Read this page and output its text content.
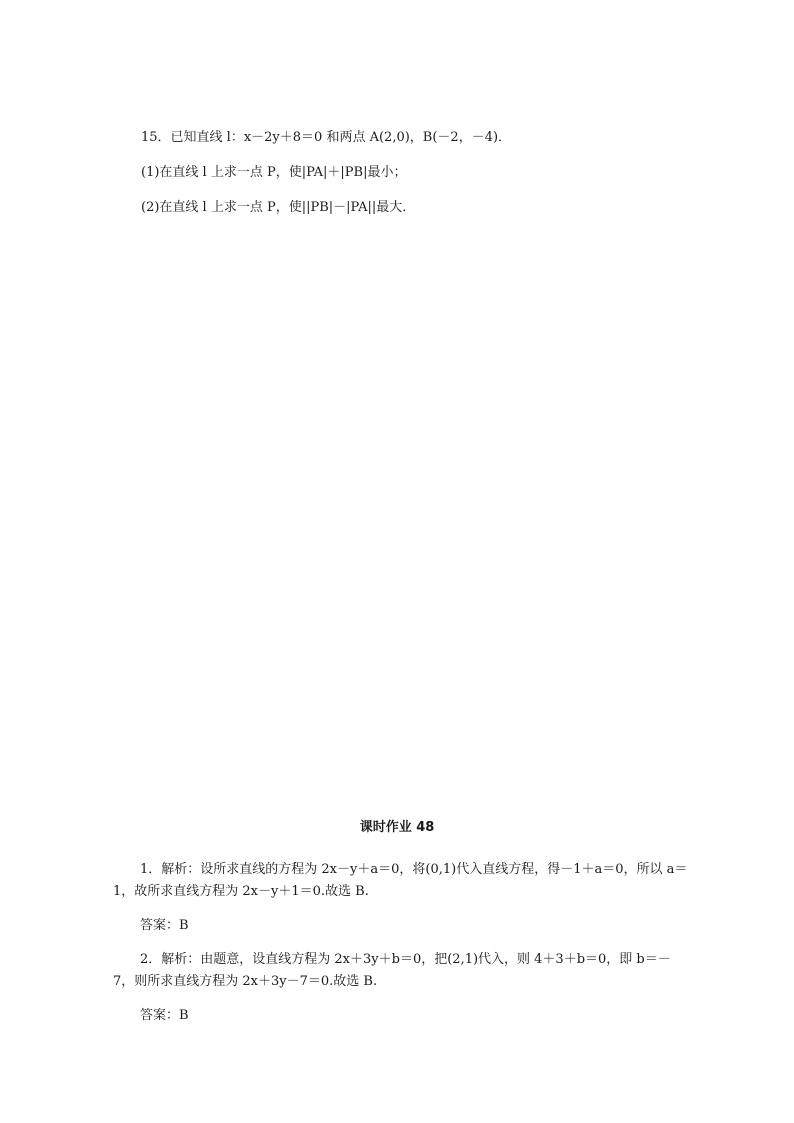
15．已知直线 l：x－2y＋8＝0 和两点 A(2,0)，B(－2，－4)．
(1)在直线 l 上求一点 P，使|PA|＋|PB|最小；
(2)在直线 l 上求一点 P，使||PB|－|PA||最大．
课时作业 48
1．解析：设所求直线的方程为 2x－y＋a＝0，将(0,1)代入直线方程，得－1＋a＝0，所以 a＝
1，故所求直线方程为 2x－y＋1＝0.故选 B.
答案：B
2．解析：由题意，设直线方程为 2x＋3y＋b＝0，把(2,1)代入，则 4＋3＋b＝0，即 b＝－
7，则所求直线方程为 2x＋3y－7＝0.故选 B.
答案：B
